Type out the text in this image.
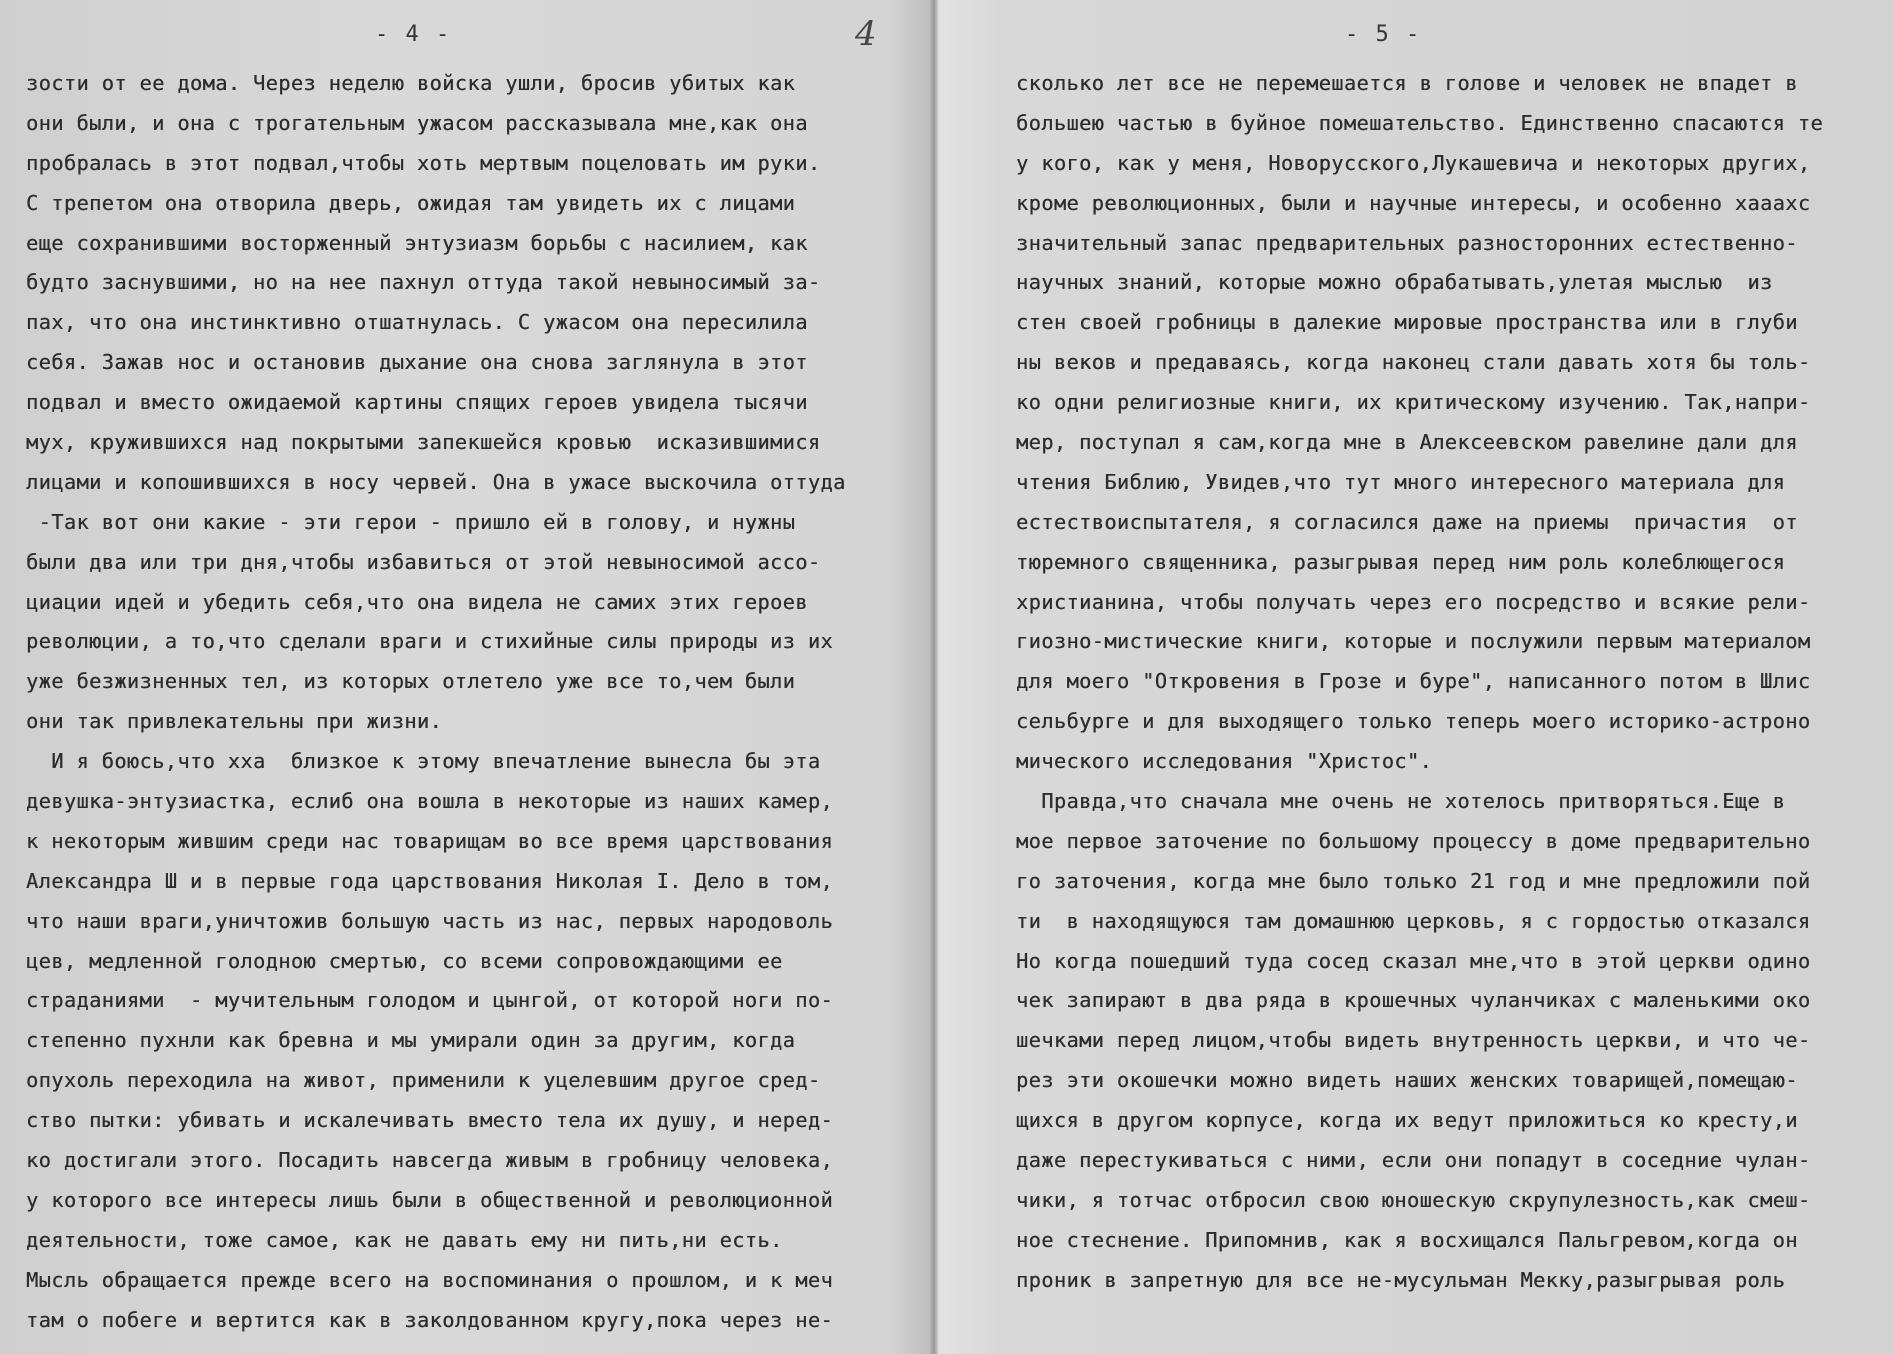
- 4 -	4
зости от ее дома. Через неделю войска ушли, бросив убитых как
они были, и она с трогательным ужасом рассказывала мне,как она
пробралась в этот подвал,чтобы хоть мертвым поцеловать им руки.
С трепетом она отворила дверь, ожидая там увидеть их с лицами
еще сохранившими восторженный энтузиазм борьбы с насилием, как
будто заснувшими, но на нее пахнул оттуда такой невыносимый за-
пах, что она инстинктивно отшатнулась. С ужасом она пересилила
себя. Зажав нос и остановив дыхание она снова заглянула в этот
подвал и вместо ожидаемой картины спящих героев увидела тысячи
мух, кружившихся над покрытыми запекшейся кровью  исказившимися
лицами и копошившихся в носу червей. Она в ужасе выскочила оттуда
-Так вот они какие - эти герои - пришло ей в голову, и нужны
были два или три дня,чтобы избавиться от этой невыносимой ассо-
циации идей и убедить себя,что она видела не самих этих героев
революции, а то,что сделали враги и стихийные силы природы из их
уже безжизненных тел, из которых отлетело уже все то,чем были
они так привлекательны при жизни.
И я боюсь,что хха  близкое к этому впечатление вынесла бы эта
девушка-энтузиастка, еслиб она вошла в некоторые из наших камер,
к некоторым жившим среди нас товарищам во все время царствования
Александра Ш и в первые года царствования Николая I. Дело в том,
что наши враги,уничтожив большую часть из нас, первых народоволь
цев, медленной голодною смертью, со всеми сопровождающими ее
страданиями  - мучительным голодом и цынгой, от которой ноги по-
степенно пухнли как бревна и мы умирали один за другим, когда
опухоль переходила на живот, применили к уцелевшим другое сред-
ство пытки: убивать и искалечивать вместо тела их душу, и неред-
ко достигали этого. Посадить навсегда живым в гробницу человека,
у которого все интересы лишь были в общественной и революционной
деятельности, тоже самое, как не давать ему ни пить,ни есть.
Мысль обращается прежде всего на воспоминания о прошлом, и к меч
там о побеге и вертится как в заколдованном кругу,пока через не-
- 5 -
сколько лет все не перемешается в голове и человек не впадет в
большею частью в буйное помешательство. Единственно спасаются те
у кого, как у меня, Новорусского,Лукашевича и некоторых других,
кроме революционных, были и научные интересы, и особенно хааахс
значительный запас предварительных разносторонних естественно-
научных знаний, которые можно обрабатывать,улетая мыслью  из
стен своей гробницы в далекие мировые пространства или в глуби
ны веков и предаваясь, когда наконец стали давать хотя бы толь-
ко одни религиозные книги, их критическому изучению. Так,напри-
мер, поступал я сам,когда мне в Алексеевском равелине дали для
чтения Библию, Увидев,что тут много интересного материала для
естествоиспытателя, я согласился даже на приемы  причастия  от
тюремного священника, разыгрывая перед ним роль колеблющегося
христианина, чтобы получать через его посредство и всякие рели-
гиозно-мистические книги, которые и послужили первым материалом
для моего "Откровения в Грозе и буре", написанного потом в Шлис
сельбурге и для выходящего только теперь моего историко-астроно
мического исследования "Христос".
Правда,что сначала мне очень не хотелось притворяться.Еще в
мое первое заточение по большому процессу в доме предварительно
го заточения, когда мне было только 21 год и мне предложили пой
ти  в находящуюся там домашнюю церковь, я с гордостью отказался
Но когда пошедший туда сосед сказал мне,что в этой церкви одино
чек запирают в два ряда в крошечных чуланчиках с маленькими око
шечками перед лицом,чтобы видеть внутренность церкви, и что че-
рез эти окошечки можно видеть наших женских товарищей,помещаю-
щихся в другом корпусе, когда их ведут приложиться ко кресту,и
даже перестукиваться с ними, если они попадут в соседние чулан-
чики, я тотчас отбросил свою юношескую скрупулезность,как смеш-
ное стеснение. Припомнив, как я восхищался Пальгревом,когда он
проник в запретную для все не-мусульман Мекку,разыгрывая роль
